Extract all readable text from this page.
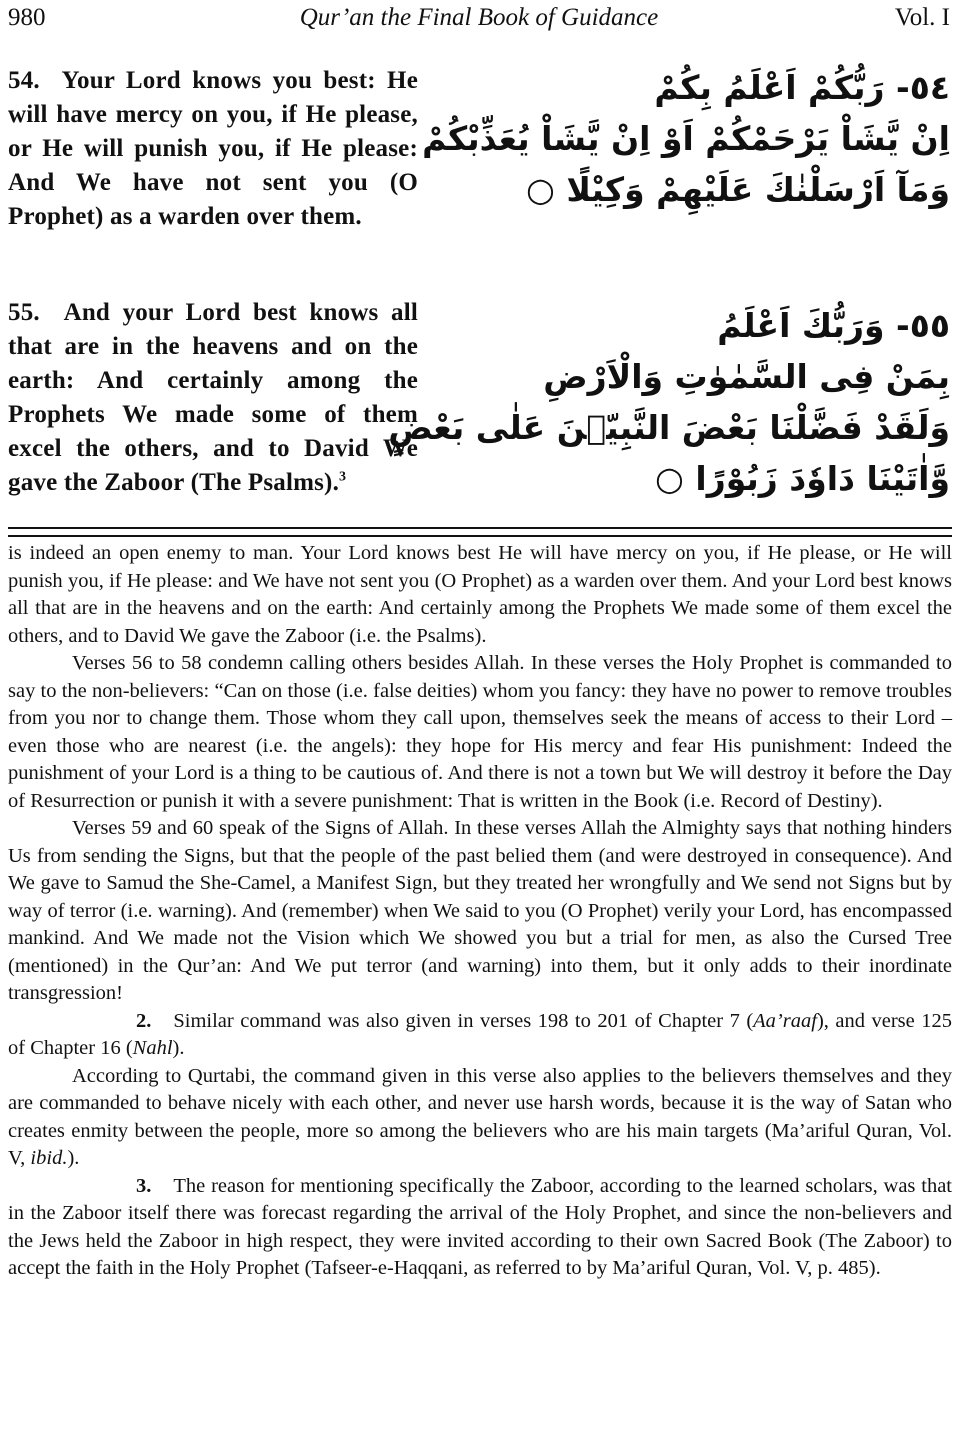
980	Qur’an the Final Book of Guidance	Vol. I
54. Your Lord knows you best: He will have mercy on you, if He please, or He will punish you, if He please: And We have not sent you (O Prophet) as a warden over them.
٥٤- رَبُّكُمْ اَعْلَمُ بِكُمْ
اِنْ يَّشَاْ يَرْحَمْكُمْ اَوْ اِنْ يَّشَاْ يُعَذِّبْكُمْ
وَمَآ اَرْسَلْنٰكَ عَلَيْهِمْ وَكِيْلًا ○
55. And your Lord best knows all that are in the heavens and on the earth: And certainly among the Prophets We made some of them excel the others, and to David We gave the Zaboor (The Psalms).$^3$
٥٥- وَرَبُّكَ اَعْلَمُ
بِمَنْ فِى السَّمٰوٰتِ وَالْاَرْضِ
وَلَقَدْ فَضَّلْنَا بَعْضَ النَّبِيّٖنَ عَلٰى بَعْضٍ
وَّاٰتَيْنَا دَاوٗدَ زَبُوْرًا ○

is indeed an open enemy to man. Your Lord knows best He will have mercy on you, if He please, or He will punish you, if He please: and We have not sent you (O Prophet) as a warden over them. And your Lord best knows all that are in the heavens and on the earth: And certainly among the Prophets We made some of them excel the others, and to David We gave the Zaboor (i.e. the Psalms).

Verses 56 to 58 condemn calling others besides Allah. In these verses the Holy Prophet is commanded to say to the non-believers: “Can on those (i.e. false deities) whom you fancy: they have no power to remove troubles from you nor to change them. Those whom they call upon, themselves seek the means of access to their Lord – even those who are nearest (i.e. the angels): they hope for His mercy and fear His punishment: Indeed the punishment of your Lord is a thing to be cautious of. And there is not a town but We will destroy it before the Day of Resurrection or punish it with a severe punishment: That is written in the Book (i.e. Record of Destiny).

Verses 59 and 60 speak of the Signs of Allah. In these verses Allah the Almighty says that nothing hinders Us from sending the Signs, but that the people of the past belied them (and were destroyed in consequence). And We gave to Samud the She-Camel, a Manifest Sign, but they treated her wrongfully and We send not Signs but by way of terror (i.e. warning). And (remember) when We said to you (O Prophet) verily your Lord, has encompassed mankind. And We made not the Vision which We showed you but a trial for men, as also the Cursed Tree (mentioned) in the Qur’an: And We put terror (and warning) into them, but it only adds to their inordinate transgression!

2. Similar command was also given in verses 198 to 201 of Chapter 7 (Aa’raaf), and verse 125 of Chapter 16 (Nahl).

According to Qurtabi, the command given in this verse also applies to the believers themselves and they are commanded to behave nicely with each other, and never use harsh words, because it is the way of Satan who creates enmity between the people, more so among the believers who are his main targets (Ma’ariful Quran, Vol. V, ibid.).

3. The reason for mentioning specifically the Zaboor, according to the learned scholars, was that in the Zaboor itself there was forecast regarding the arrival of the Holy Prophet, and since the non-believers and the Jews held the Zaboor in high respect, they were invited according to their own Sacred Book (The Zaboor) to accept the faith in the Holy Prophet (Tafseer-e-Haqqani, as referred to by Ma’ariful Quran, Vol. V, p. 485).
